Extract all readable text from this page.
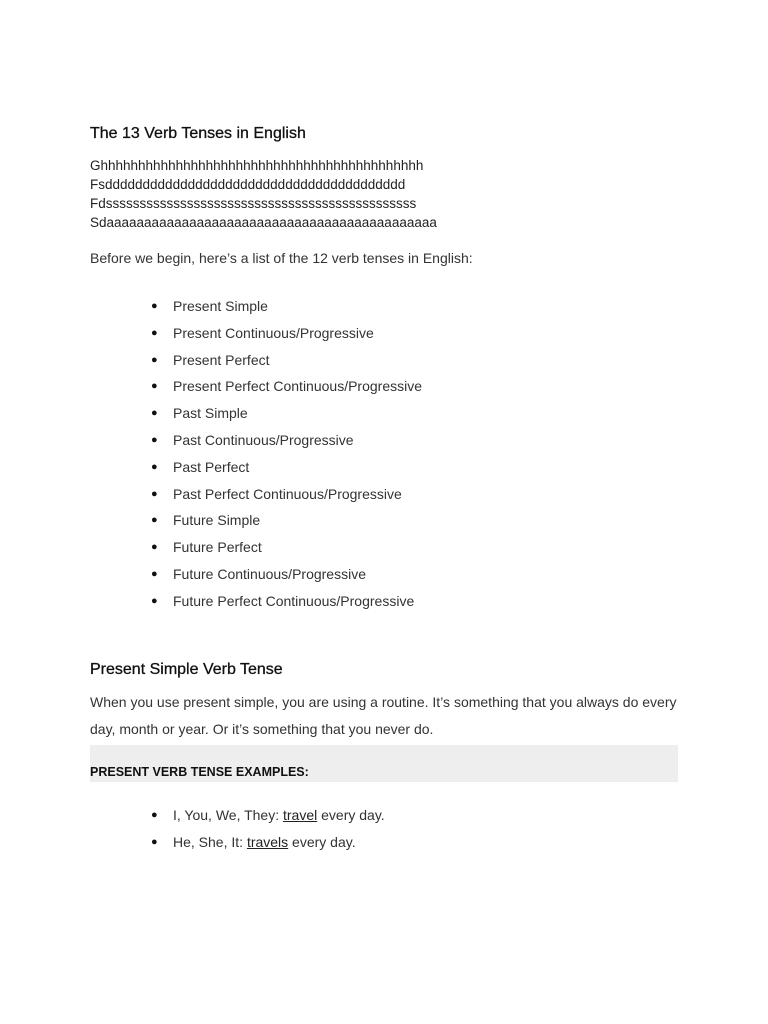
The 13 Verb Tenses in English
Ghhhhhhhhhhhhhhhhhhhhhhhhhhhhhhhhhhhhhhhhhhh
Fsdddddddddddddddddddddddddddddddddddddddd
Fdssssssssssssssssssssssssssssssssssssssssssssss
Sdaaaaaaaaaaaaaaaaaaaaaaaaaaaaaaaaaaaaaaaaaaaa
Before we begin, here’s a list of the 12 verb tenses in English:
● Present Simple
● Present Continuous/Progressive
● Present Perfect
● Present Perfect Continuous/Progressive
● Past Simple
● Past Continuous/Progressive
● Past Perfect
● Past Perfect Continuous/Progressive
● Future Simple
● Future Perfect
● Future Continuous/Progressive
● Future Perfect Continuous/Progressive
Present Simple Verb Tense
When you use present simple, you are using a routine. It’s something that you always do every day, month or year. Or it’s something that you never do.
PRESENT VERB TENSE EXAMPLES:
● I, You, We, They: travel every day.
● He, She, It: travels every day.
